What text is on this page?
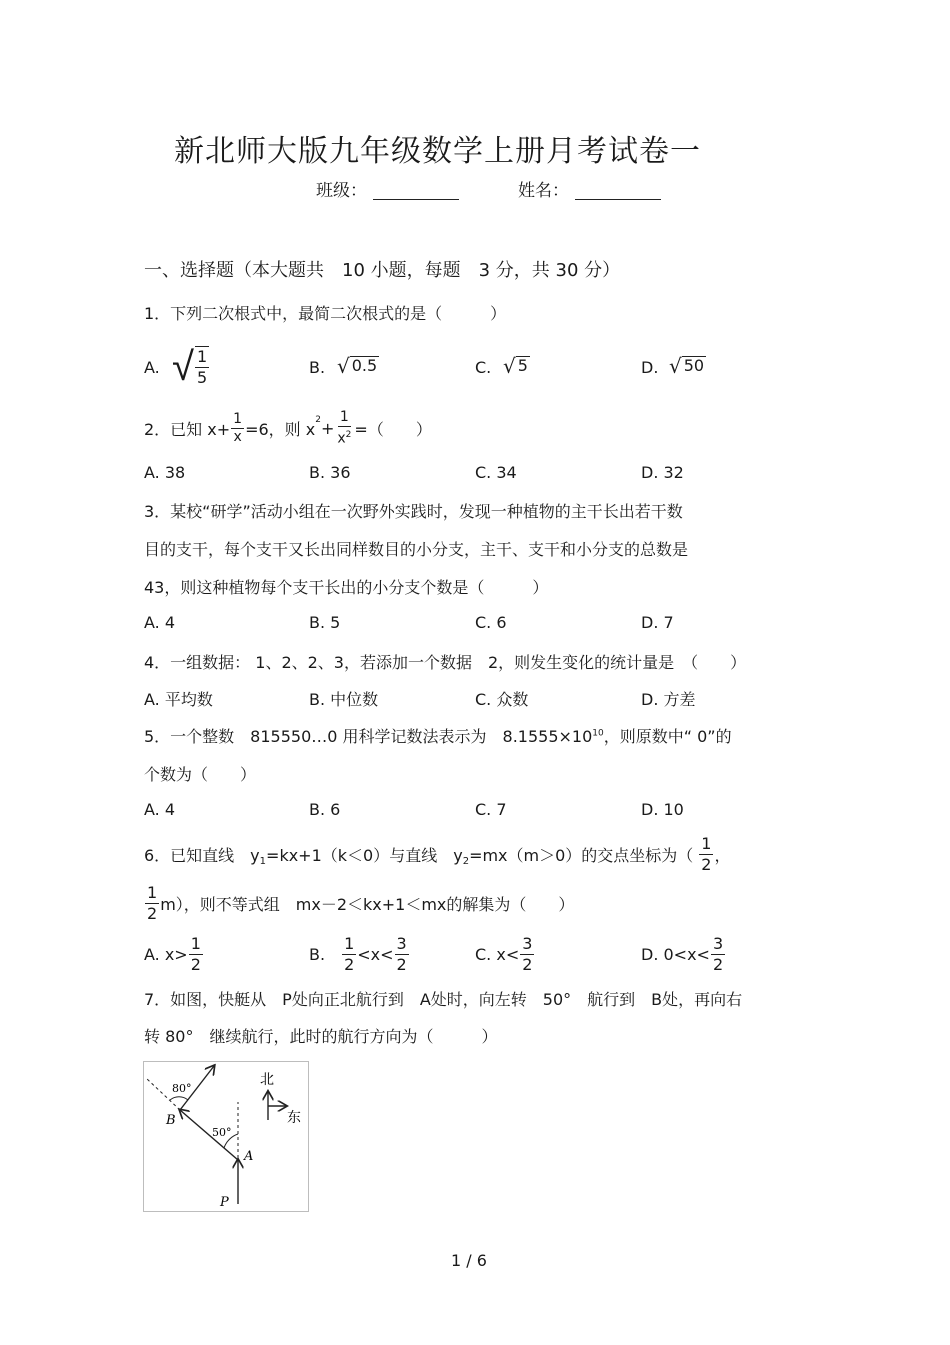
新北师大版九年级数学上册月考试卷一
班级：	姓名：
一、选择题（本大题共　10 小题，每题　3 分，共 30 分）
1．下列二次根式中，最简二次根式的是（　　　）
A. √ $\frac{1}{5}$	B. √ 0.5	C. √ 5	D. √ 50
2．已知 $x+ \frac{1}{x} =6$，则 $x^2 + \frac{1}{x^2}$ =（　　）
A. 38	B. 36	C. 34	D. 32
3．某校“研学”活动小组在一次野外实践时，发现一种植物的主干长出若干数
目的支干，每个支干又长出同样数目的小分支，主干、支干和小分支的总数是
43，则这种植物每个支干长出的小分支个数是（　　　）
A. 4	B. 5	C. 6	D. 7
4．一组数据： 1、2、2、3，若添加一个数据　2，则发生变化的统计量是　（　　）
A. 平均数	B. 中位数	C. 众数	D. 方差
5．一个整数　815550…0 用科学记数法表示为　$8.1555\times 10^{10}$，则原数中“ 0”的
个数为（　　）
A. 4	B. 6	C. 7	D. 10
6．已知直线　$y_1 =kx+1(k<0)$与直线　$y_2 =mx(m>0)$的交点坐标为（ $\frac{1}{2}$ ，
$\frac{1}{2} m$），则不等式组　mx－2＜kx+1＜mx的解集为（　　）
A. $x> \frac{1}{2}$	B. $\frac{1}{2} <x< \frac{3}{2}$	C. $x< \frac{3}{2}$	D. $0<x< \frac{3}{2}$
7．如图，快艇从　P处向正北航行到　A处时，向左转　50°　航行到　B处，再向右
转 80°　继续航行，此时的航行方向为（　　　）
80°
50°
B
A
P
北
东
1 / 6
